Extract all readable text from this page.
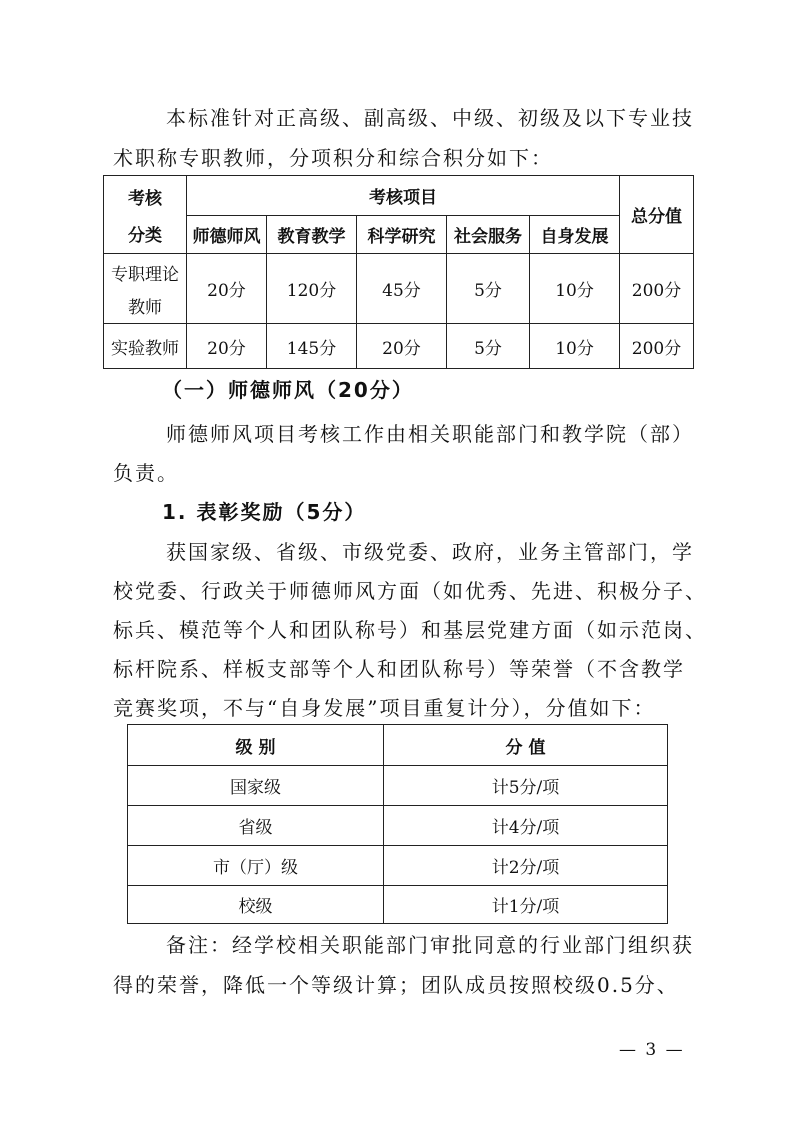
本标准针对正高级、副高级、中级、初级及以下专业技

术职称专职教师，分项积分和综合积分如下：

考核
分类	考核项目					总分值
	师德师风	教育教学	科学研究	社会服务	自身发展	

专职理论
教师	20分	120分	45分	5分	10分	200分
实验教师	20分	145分	20分	5分	10分	200分

（一）师德师风（20分）

师德师风项目考核工作由相关职能部门和教学院（部）

负责。

1. 表彰奖励（5分）

获国家级、省级、市级党委、政府，业务主管部门，学

校党委、行政关于师德师风方面（如优秀、先进、积极分子、

标兵、模范等个人和团队称号）和基层党建方面（如示范岗、

标杆院系、样板支部等个人和团队称号）等荣誉（不含教学

竞赛奖项，不与“自身发展”项目重复计分），分值如下：

级 别	分 值
国家级	计5分/项
省级	计4分/项
市（厅）级	计2分/项
校级	计1分/项

备注：经学校相关职能部门审批同意的行业部门组织获

得的荣誉，降低一个等级计算；团队成员按照校级0.5分、

— 3 —
